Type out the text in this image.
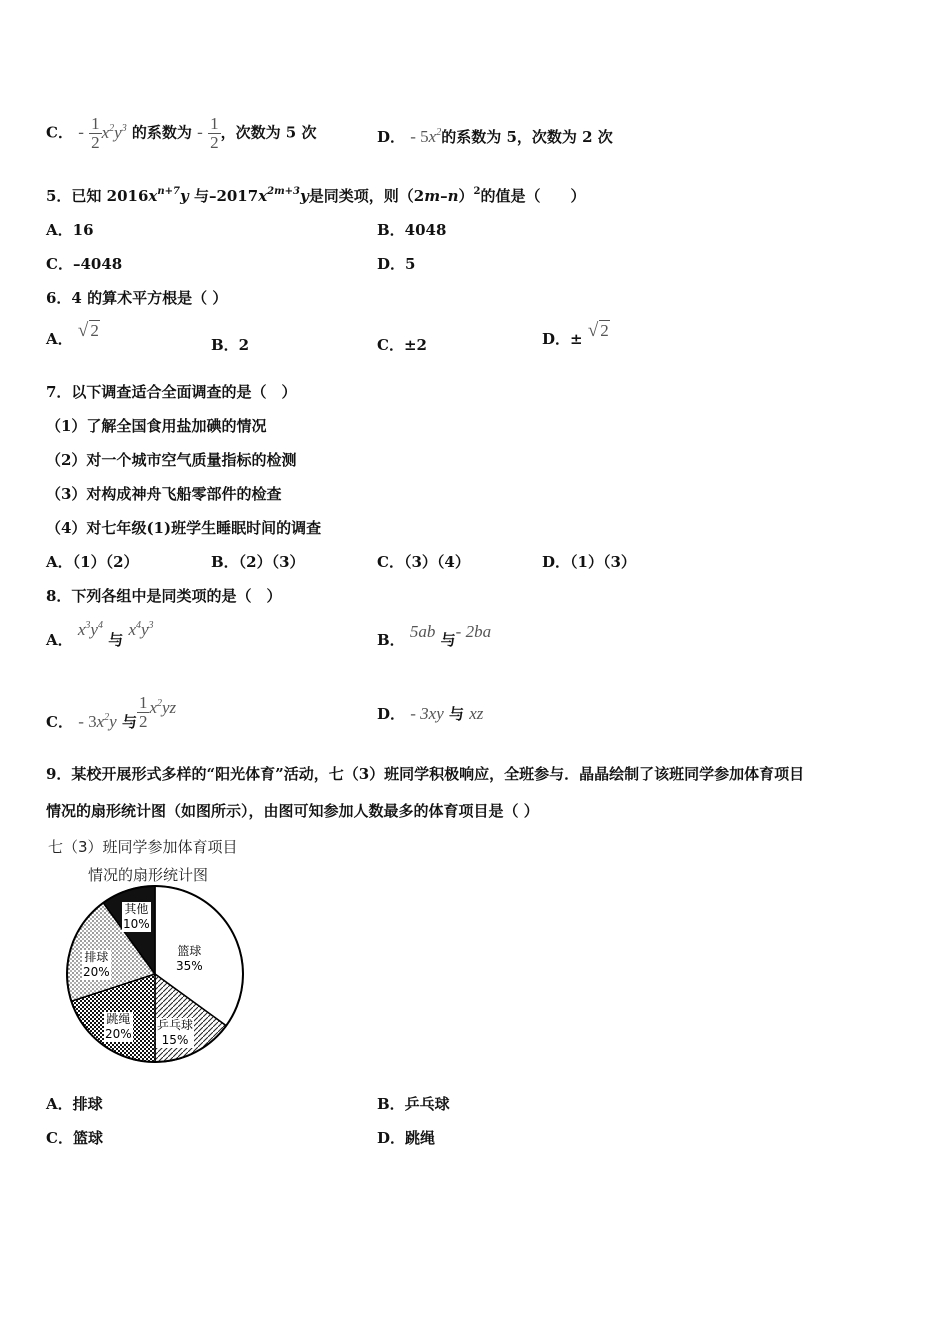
C． - $\frac{1}{2} x^2y^3$ 的系数为 - $\frac{1}{2}$ ，次数为 5 次	D． - $5x^2$的系数为 5，次数为 2 次
5．已知 $2016x^{n+7}y$ 与$-2017x^{2m+3}y$是同类项，则$(2m-n)^2$的值是（　　）
A．16	B．4048
C．–4048	D．5
6．4 的算术平方根是（ ）
A． √ 2
B．2	C．±2	D．± √ 2
7．以下调查适合全面调查的是（　）
（1）了解全国食用盐加碘的情况
（2）对一个城市空气质量指标的检测
（3）对构成神舟飞船零部件的检查
（4）对七年级(1)班学生睡眠时间的调查
A．（1）（2）	B．（2）（3）	C．（3）（4）	D．（1）（3）
8．下列各组中是同类项的是（　）
A． $x^3y^4$ 与 $x^4y^3$
B． 5ab 与- 2ba
C． - $3x^2y$ 与 $\frac{1}{2} x^2yz$	D． - 3xy 与 xz
9．某校开展形式多样的“阳光体育”活动，七（3）班同学积极响应，全班参与．晶晶绘制了该班同学参加体育项目
情况的扇形统计图（如图所示），由图可知参加人数最多的体育项目是（ ）
七（3）班同学参加体育项目
情况的扇形统计图
篮球
35%
乒乓球
15%
跳绳
20%
排球
20%
其他
10%
A．排球	B．乒乓球
C．篮球	D．跳绳
